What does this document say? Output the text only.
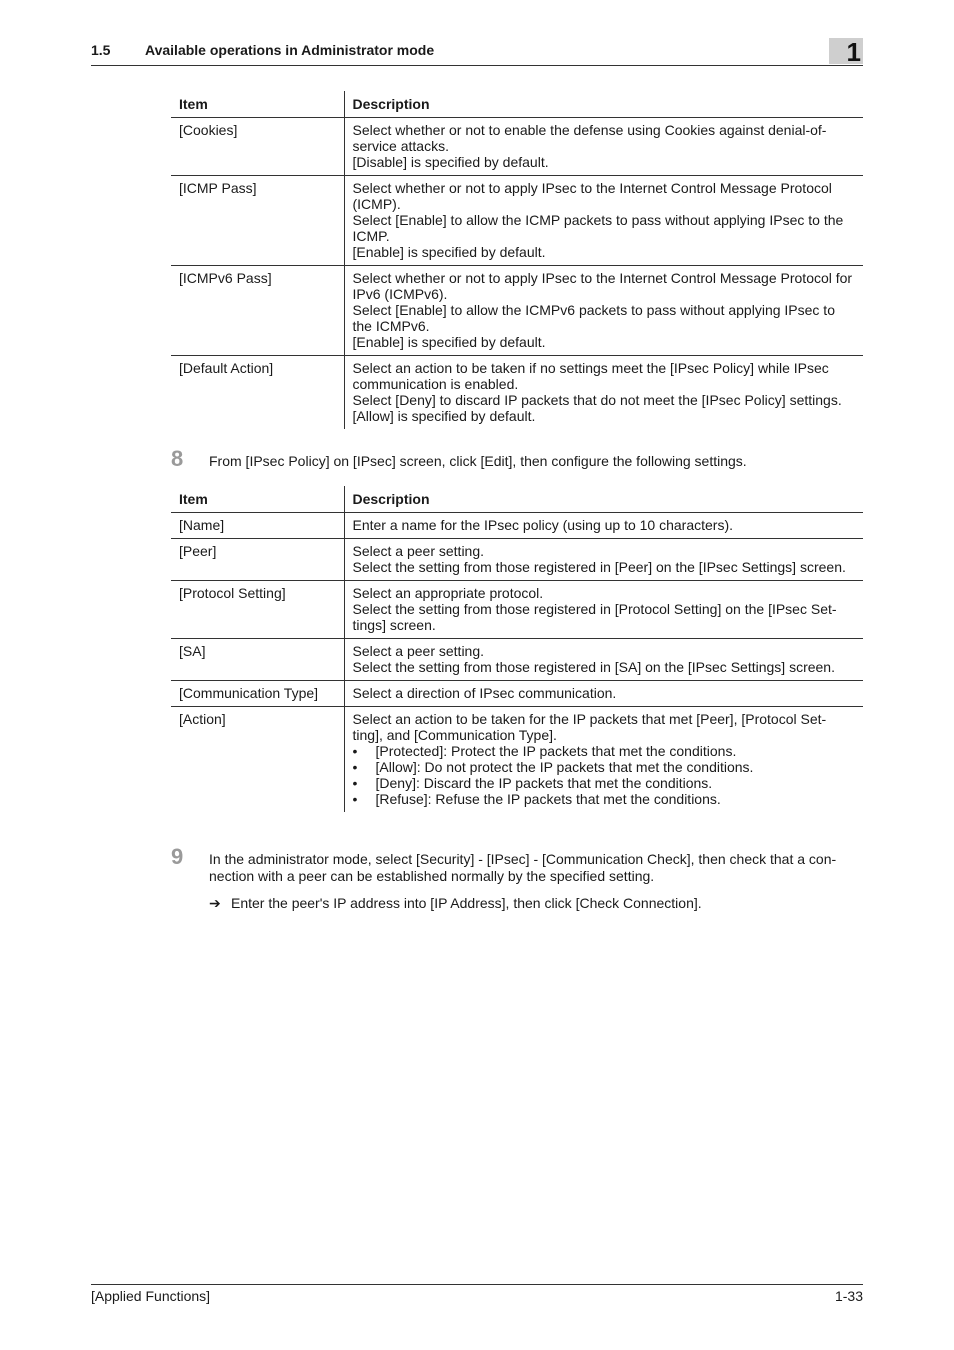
1.5 Available operations in Administrator mode	1
Item	Description
[Cookies]	Select whether or not to enable the defense using Cookies against denial-of-service attacks.
[Disable] is specified by default.

[ICMP Pass]	Select whether or not to apply IPsec to the Internet Control Message Protocol (ICMP).
Select [Enable] to allow the ICMP packets to pass without applying IPsec to the ICMP.
[Enable] is specified by default.

[ICMPv6 Pass]	Select whether or not to apply IPsec to the Internet Control Message Protocol for IPv6 (ICMPv6).
Select [Enable] to allow the ICMPv6 packets to pass without applying IPsec to the ICMPv6.
[Enable] is specified by default.

[Default Action]	Select an action to be taken if no settings meet the [IPsec Policy] while IPsec communication is enabled.
Select [Deny] to discard IP packets that do not meet the [IPsec Policy] settings.
[Allow] is specified by default.
8 From [IPsec Policy] on [IPsec] screen, click [Edit], then configure the following settings.
Item	Description
[Name]	Enter a name for the IPsec policy (using up to 10 characters).

[Peer]	Select a peer setting.
Select the setting from those registered in [Peer] on the [IPsec Settings] screen.

[Protocol Setting]	Select an appropriate protocol.
Select the setting from those registered in [Protocol Setting] on the [IPsec Set-tings] screen.

[SA]	Select a peer setting.
Select the setting from those registered in [SA] on the [IPsec Settings] screen.

[Communication Type]	Select a direction of IPsec communication.

[Action]	Select an action to be taken for the IP packets that met [Peer], [Protocol Set-ting], and [Communication Type].
• [Protected]: Protect the IP packets that met the conditions.
• [Allow]: Do not protect the IP packets that met the conditions.
• [Deny]: Discard the IP packets that met the conditions.
• [Refuse]: Refuse the IP packets that met the conditions.
9 In the administrator mode, select [Security] - [IPsec] - [Communication Check], then check that a con-nection with a peer can be established normally by the specified setting.
➔ Enter the peer's IP address into [IP Address], then click [Check Connection].
[Applied Functions]	1-33
